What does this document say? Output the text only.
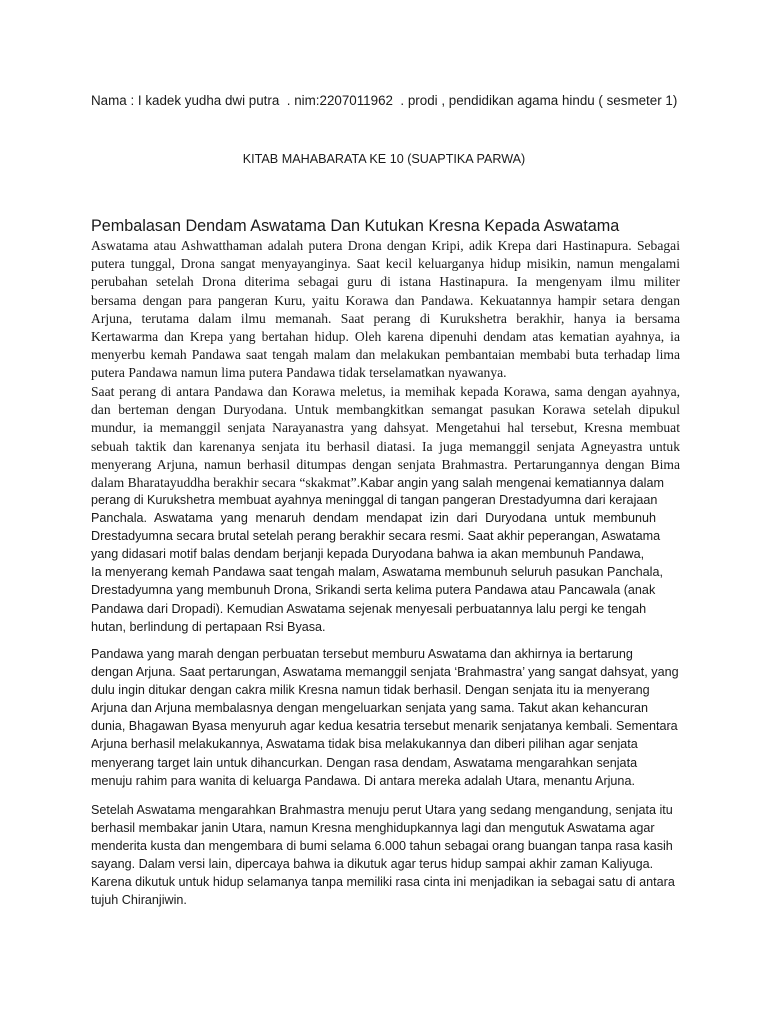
Nama : I kadek yudha dwi putra  . nim:2207011962  . prodi , pendidikan agama hindu ( sesmeter 1)
KITAB MAHABARATA KE 10 (SUAPTIKA PARWA)
Pembalasan Dendam Aswatama Dan Kutukan Kresna Kepada Aswatama
Aswatama atau Ashwatthaman adalah putera Drona dengan Kripi, adik Krepa dari Hastinapura. Sebagai
putera tunggal, Drona sangat menyayanginya. Saat kecil keluarganya hidup misikin, namun mengalami
perubahan setelah Drona diterima sebagai guru di istana Hastinapura. Ia mengenyam ilmu militer
bersama dengan para pangeran Kuru, yaitu Korawa dan Pandawa. Kekuatannya hampir setara dengan
Arjuna, terutama dalam ilmu memanah. Saat perang di Kurukshetra berakhir, hanya ia bersama
Kertawarma dan Krepa yang bertahan hidup. Oleh karena dipenuhi dendam atas kematian ayahnya, ia
menyerbu kemah Pandawa saat tengah malam dan melakukan pembantaian membabi buta terhadap lima
putera Pandawa namun lima putera Pandawa tidak terselamatkan nyawanya.
Saat perang di antara Pandawa dan Korawa meletus, ia memihak kepada Korawa, sama dengan ayahnya,
dan berteman dengan Duryodana. Untuk membangkitkan semangat pasukan Korawa setelah dipukul
mundur, ia memanggil senjata Narayanastra yang dahsyat. Mengetahui hal tersebut, Kresna membuat
sebuah taktik dan karenanya senjata itu berhasil diatasi. Ia juga memanggil senjata Agneyastra untuk
menyerang Arjuna, namun berhasil ditumpas dengan senjata Brahmastra. Pertarungannya dengan Bima
dalam Bharatayuddha berakhir secara “skakmat”.Kabar angin yang salah mengenai kematiannya dalam
perang di Kurukshetra membuat ayahnya meninggal di tangan pangeran Drestadyumna dari kerajaan
Panchala. Aswatama yang menaruh dendam mendapat izin dari Duryodana untuk membunuh
Drestadyumna secara brutal setelah perang berakhir secara resmi. Saat akhir peperangan, Aswatama
yang didasari motif balas dendam berjanji kepada Duryodana bahwa ia akan membunuh Pandawa,
Ia menyerang kemah Pandawa saat tengah malam, Aswatama membunuh seluruh pasukan Panchala,
Drestadyumna yang membunuh Drona, Srikandi serta kelima putera Pandawa atau Pancawala (anak
Pandawa dari Dropadi). Kemudian Aswatama sejenak menyesali perbuatannya lalu pergi ke tengah
hutan, berlindung di pertapaan Rsi Byasa.
Pandawa yang marah dengan perbuatan tersebut memburu Aswatama dan akhirnya ia bertarung
dengan Arjuna. Saat pertarungan, Aswatama memanggil senjata ‘Brahmastra’ yang sangat dahsyat, yang
dulu ingin ditukar dengan cakra milik Kresna namun tidak berhasil. Dengan senjata itu ia menyerang
Arjuna dan Arjuna membalasnya dengan mengeluarkan senjata yang sama. Takut akan kehancuran
dunia, Bhagawan Byasa menyuruh agar kedua kesatria tersebut menarik senjatanya kembali. Sementara
Arjuna berhasil melakukannya, Aswatama tidak bisa melakukannya dan diberi pilihan agar senjata
menyerang target lain untuk dihancurkan. Dengan rasa dendam, Aswatama mengarahkan senjata
menuju rahim para wanita di keluarga Pandawa. Di antara mereka adalah Utara, menantu Arjuna.
Setelah Aswatama mengarahkan Brahmastra menuju perut Utara yang sedang mengandung, senjata itu
berhasil membakar janin Utara, namun Kresna menghidupkannya lagi dan mengutuk Aswatama agar
menderita kusta dan mengembara di bumi selama 6.000 tahun sebagai orang buangan tanpa rasa kasih
sayang. Dalam versi lain, dipercaya bahwa ia dikutuk agar terus hidup sampai akhir zaman Kaliyuga.
Karena dikutuk untuk hidup selamanya tanpa memiliki rasa cinta ini menjadikan ia sebagai satu di antara
tujuh Chiranjiwin.
